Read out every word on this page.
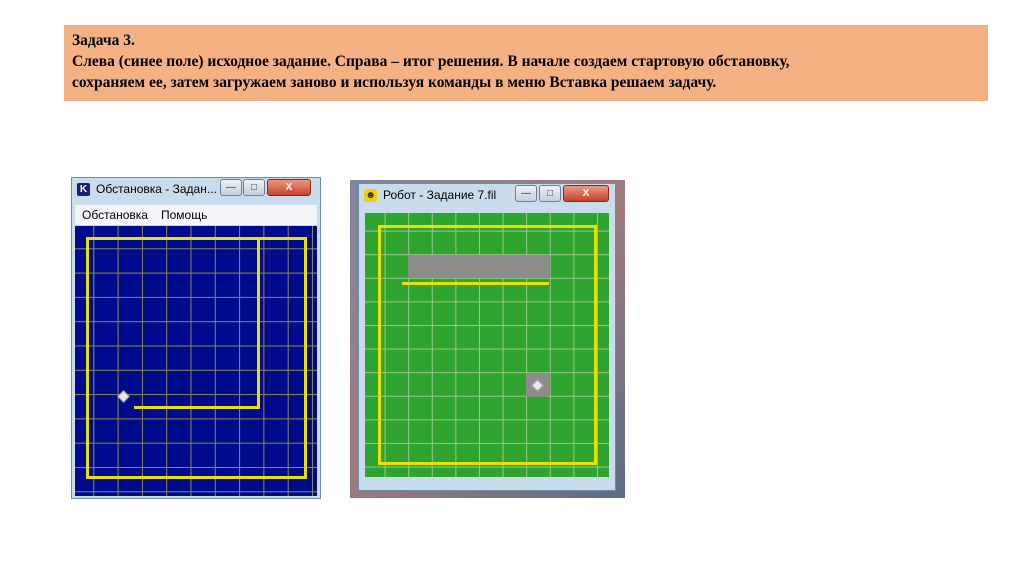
Задача 3.
Слева (синее поле) исходное задание. Справа – итог решения. В начале создаем стартовую обстановку,
сохраняем ее, затем загружаем заново и используя команды в меню Вставка решаем задачу.
K Обстановка - Задан... —	□	X
Обстановка Помощь
☻ Робот - Задание 7.fil	—	□	X
